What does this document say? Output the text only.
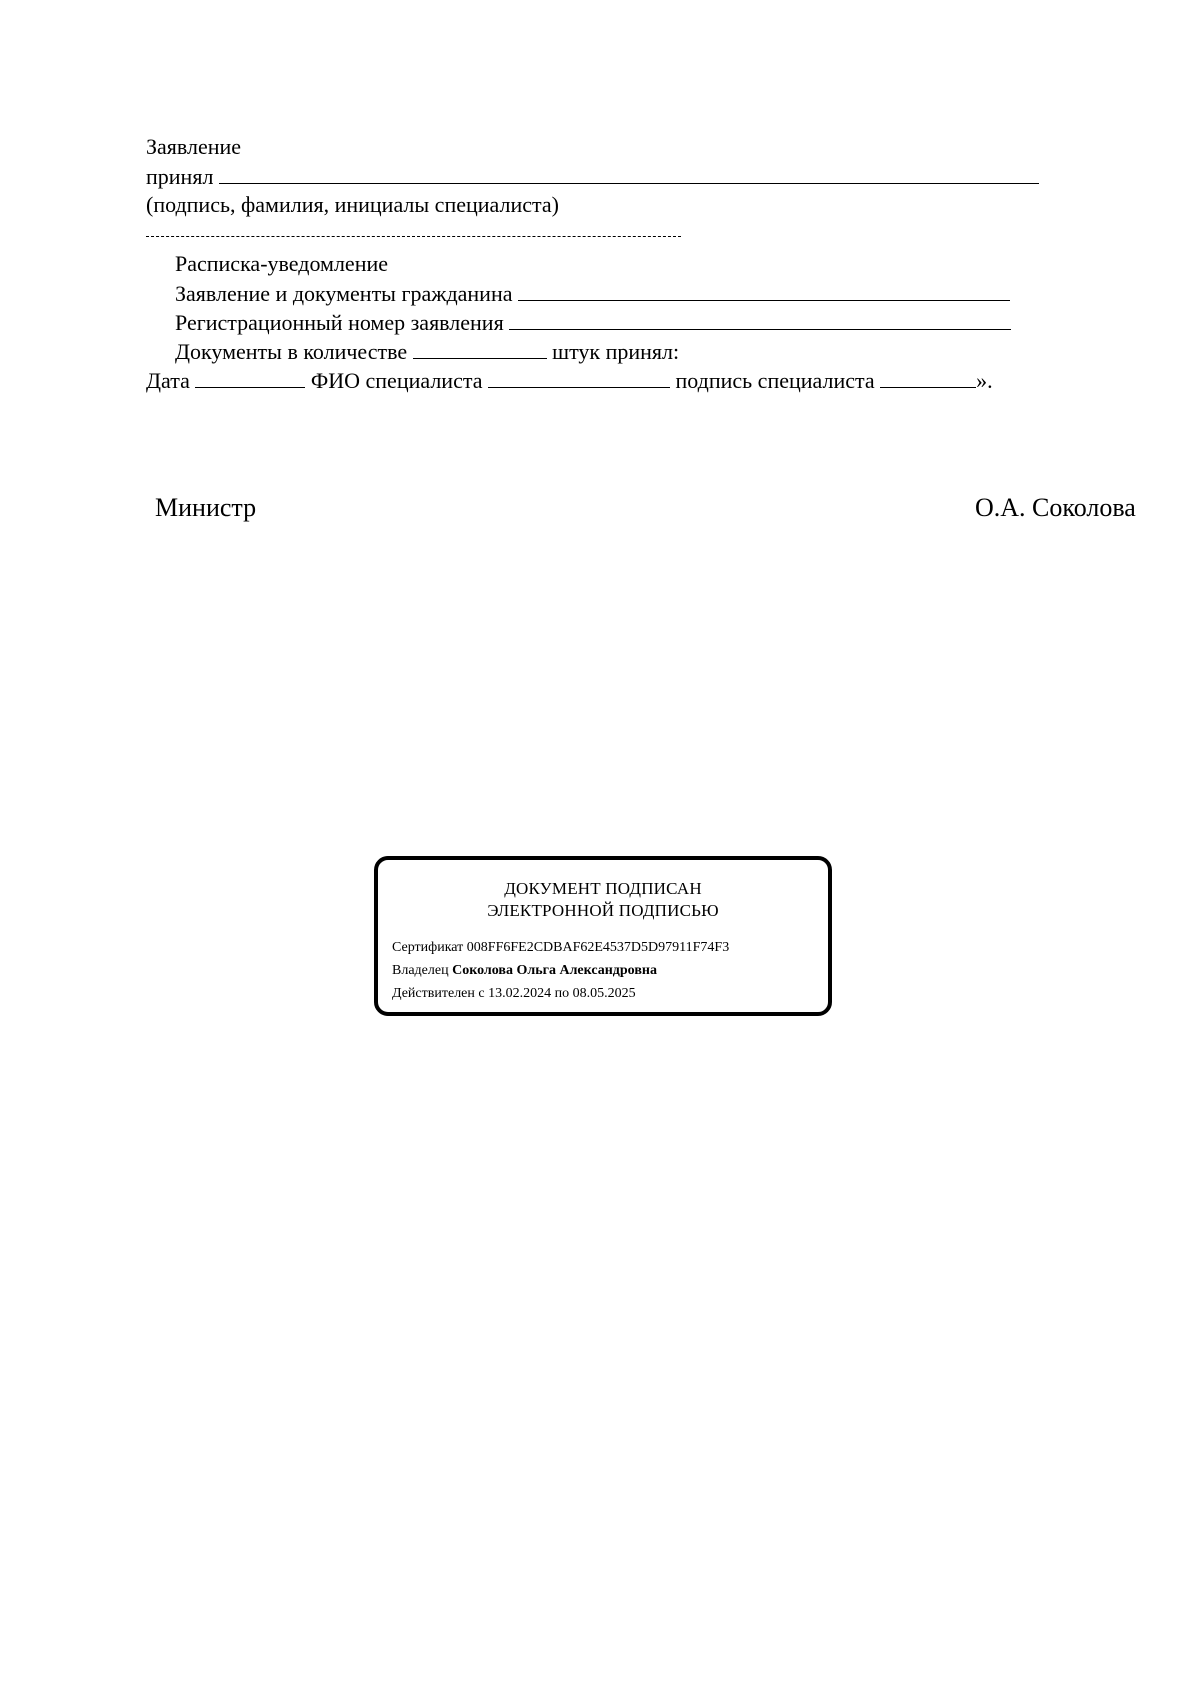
Заявление
принял
(подпись, фамилия, инициалы специалиста)
Расписка-уведомление
Заявление и документы гражданина
Регистрационный номер заявления
Документы в количестве	штук принял:
Дата	ФИО специалиста	подпись специалиста	».
Министр	О.А. Соколова
ДОКУМЕНТ ПОДПИСАН
ЭЛЕКТРОННОЙ ПОДПИСЬЮ
Сертификат 008FF6FE2CDBAF62E4537D5D97911F74F3
Владелец Соколова Ольга Александровна
Действителен с 13.02.2024 по 08.05.2025
